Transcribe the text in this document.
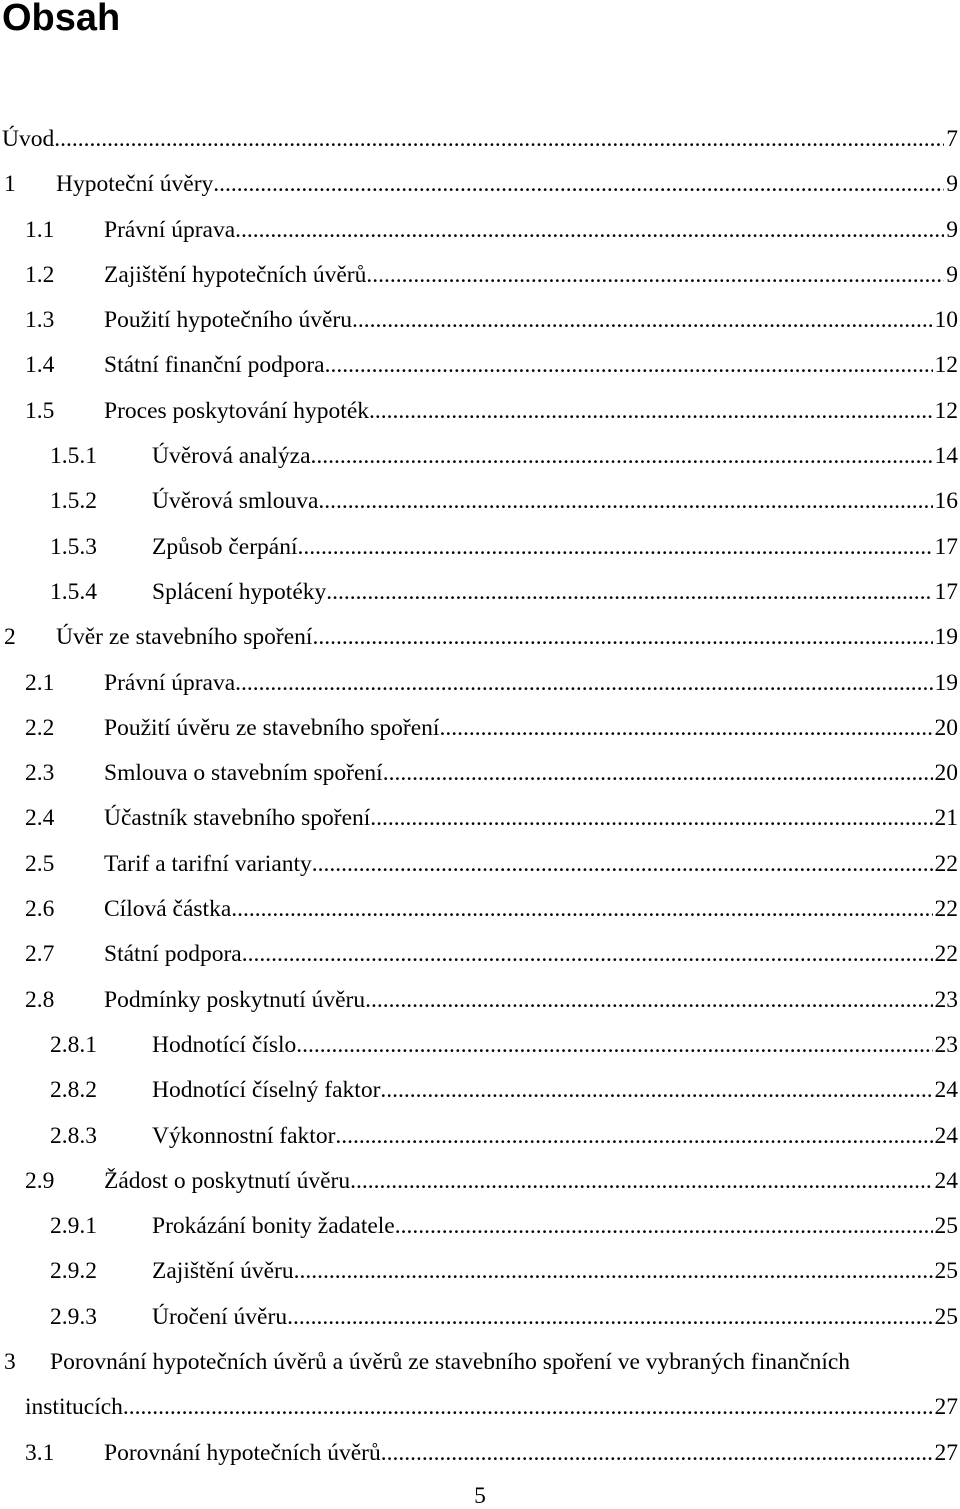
Obsah
Úvod .....	7
1 Hypoteční úvěry .....	9
1.1 Právní úprava .....	9
1.2 Zajištění hypotečních úvěrů .....	9
1.3 Použití hypotečního úvěru .....	10
1.4 Státní finanční podpora .....	12
1.5 Proces poskytování hypoték .....	12
1.5.1 Úvěrová analýza .....	14
1.5.2 Úvěrová smlouva .....	16
1.5.3 Způsob čerpání .....	17
1.5.4 Splácení hypotéky .....	17
2 Úvěr ze stavebního spoření .....	19
2.1 Právní úprava .....	19
2.2 Použití úvěru ze stavebního spoření .....	20
2.3 Smlouva o stavebním spoření .....	20
2.4 Účastník stavebního spoření .....	21
2.5 Tarif a tarifní varianty .....	22
2.6 Cílová částka .....	22
2.7 Státní podpora .....	22
2.8 Podmínky poskytnutí úvěru .....	23
2.8.1 Hodnotící číslo .....	23
2.8.2 Hodnotící číselný faktor .....	24
2.8.3 Výkonnostní faktor .....	24
2.9 Žádost o poskytnutí úvěru .....	24
2.9.1 Prokázání bonity žadatele .....	25
2.9.2 Zajištění úvěru .....	25
2.9.3 Úročení úvěru .....	25
3 Porovnání hypotečních úvěrů a úvěrů ze stavebního spoření ve vybraných finančních
institucích .....	27
3.1 Porovnání hypotečních úvěrů .....	27
5
